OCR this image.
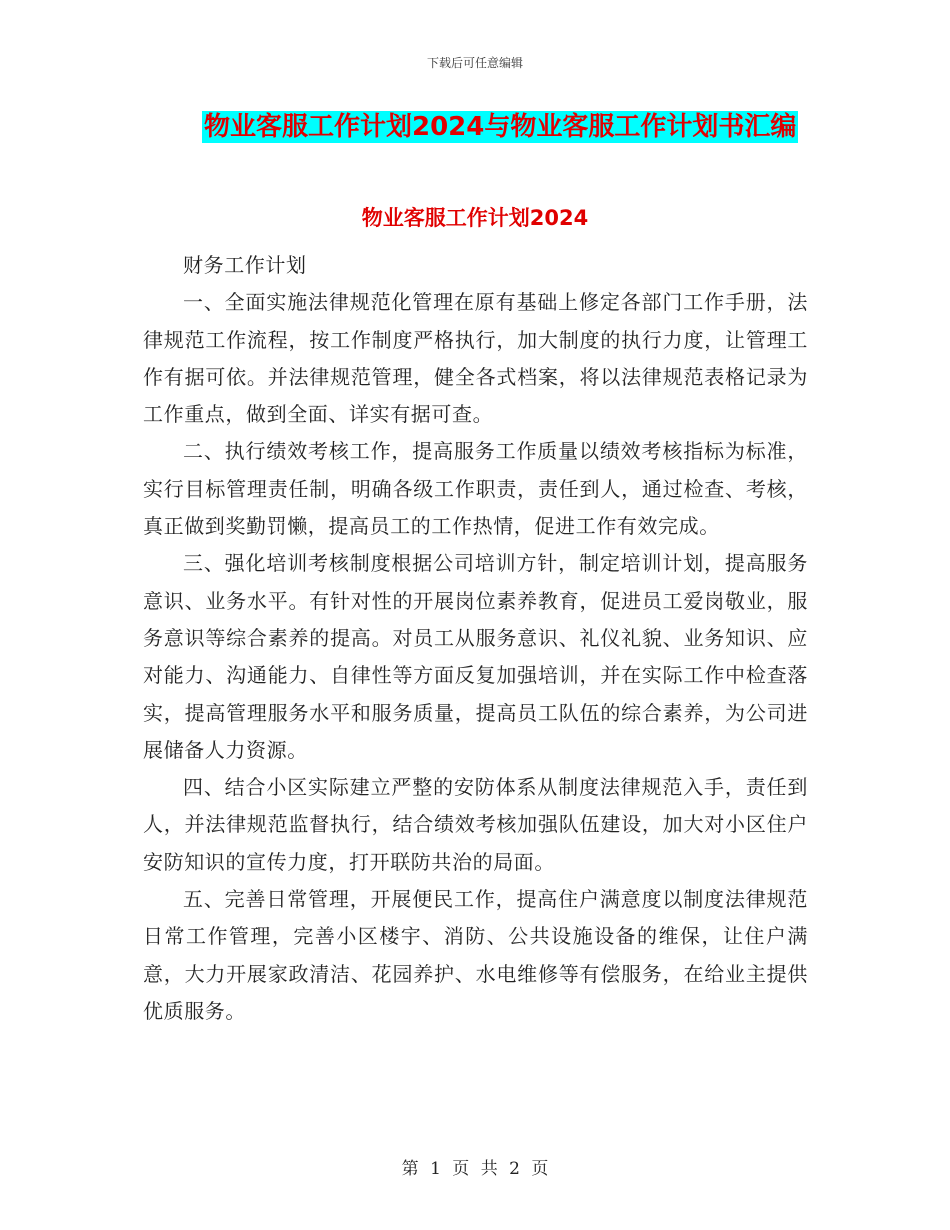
下载后可任意编辑
物业客服工作计划2024与物业客服工作计划书汇编
物业客服工作计划2024

财务工作计划

一、全面实施法律规范化管理在原有基础上修定各部门工作手册，法律规范工作流程，按工作制度严格执行，加大制度的执行力度，让管理工作有据可依。并法律规范管理，健全各式档案，将以法律规范表格记录为工作重点，做到全面、详实有据可查。

二、执行绩效考核工作，提高服务工作质量以绩效考核指标为标准，实行目标管理责任制，明确各级工作职责，责任到人，通过检查、考核，真正做到奖勤罚懒，提高员工的工作热情，促进工作有效完成。

三、强化培训考核制度根据公司培训方针，制定培训计划，提高服务意识、业务水平。有针对性的开展岗位素养教育，促进员工爱岗敬业，服务意识等综合素养的提高。对员工从服务意识、礼仪礼貌、业务知识、应对能力、沟通能力、自律性等方面反复加强培训，并在实际工作中检查落实，提高管理服务水平和服务质量，提高员工队伍的综合素养，为公司进展储备人力资源。

四、结合小区实际建立严整的安防体系从制度法律规范入手，责任到人，并法律规范监督执行，结合绩效考核加强队伍建设，加大对小区住户安防知识的宣传力度，打开联防共治的局面。

五、完善日常管理，开展便民工作，提高住户满意度以制度法律规范日常工作管理，完善小区楼宇、消防、公共设施设备的维保，让住户满意，大力开展家政清洁、花园养护、水电维修等有偿服务，在给业主提供优质服务。

第 1 页 共 2 页
